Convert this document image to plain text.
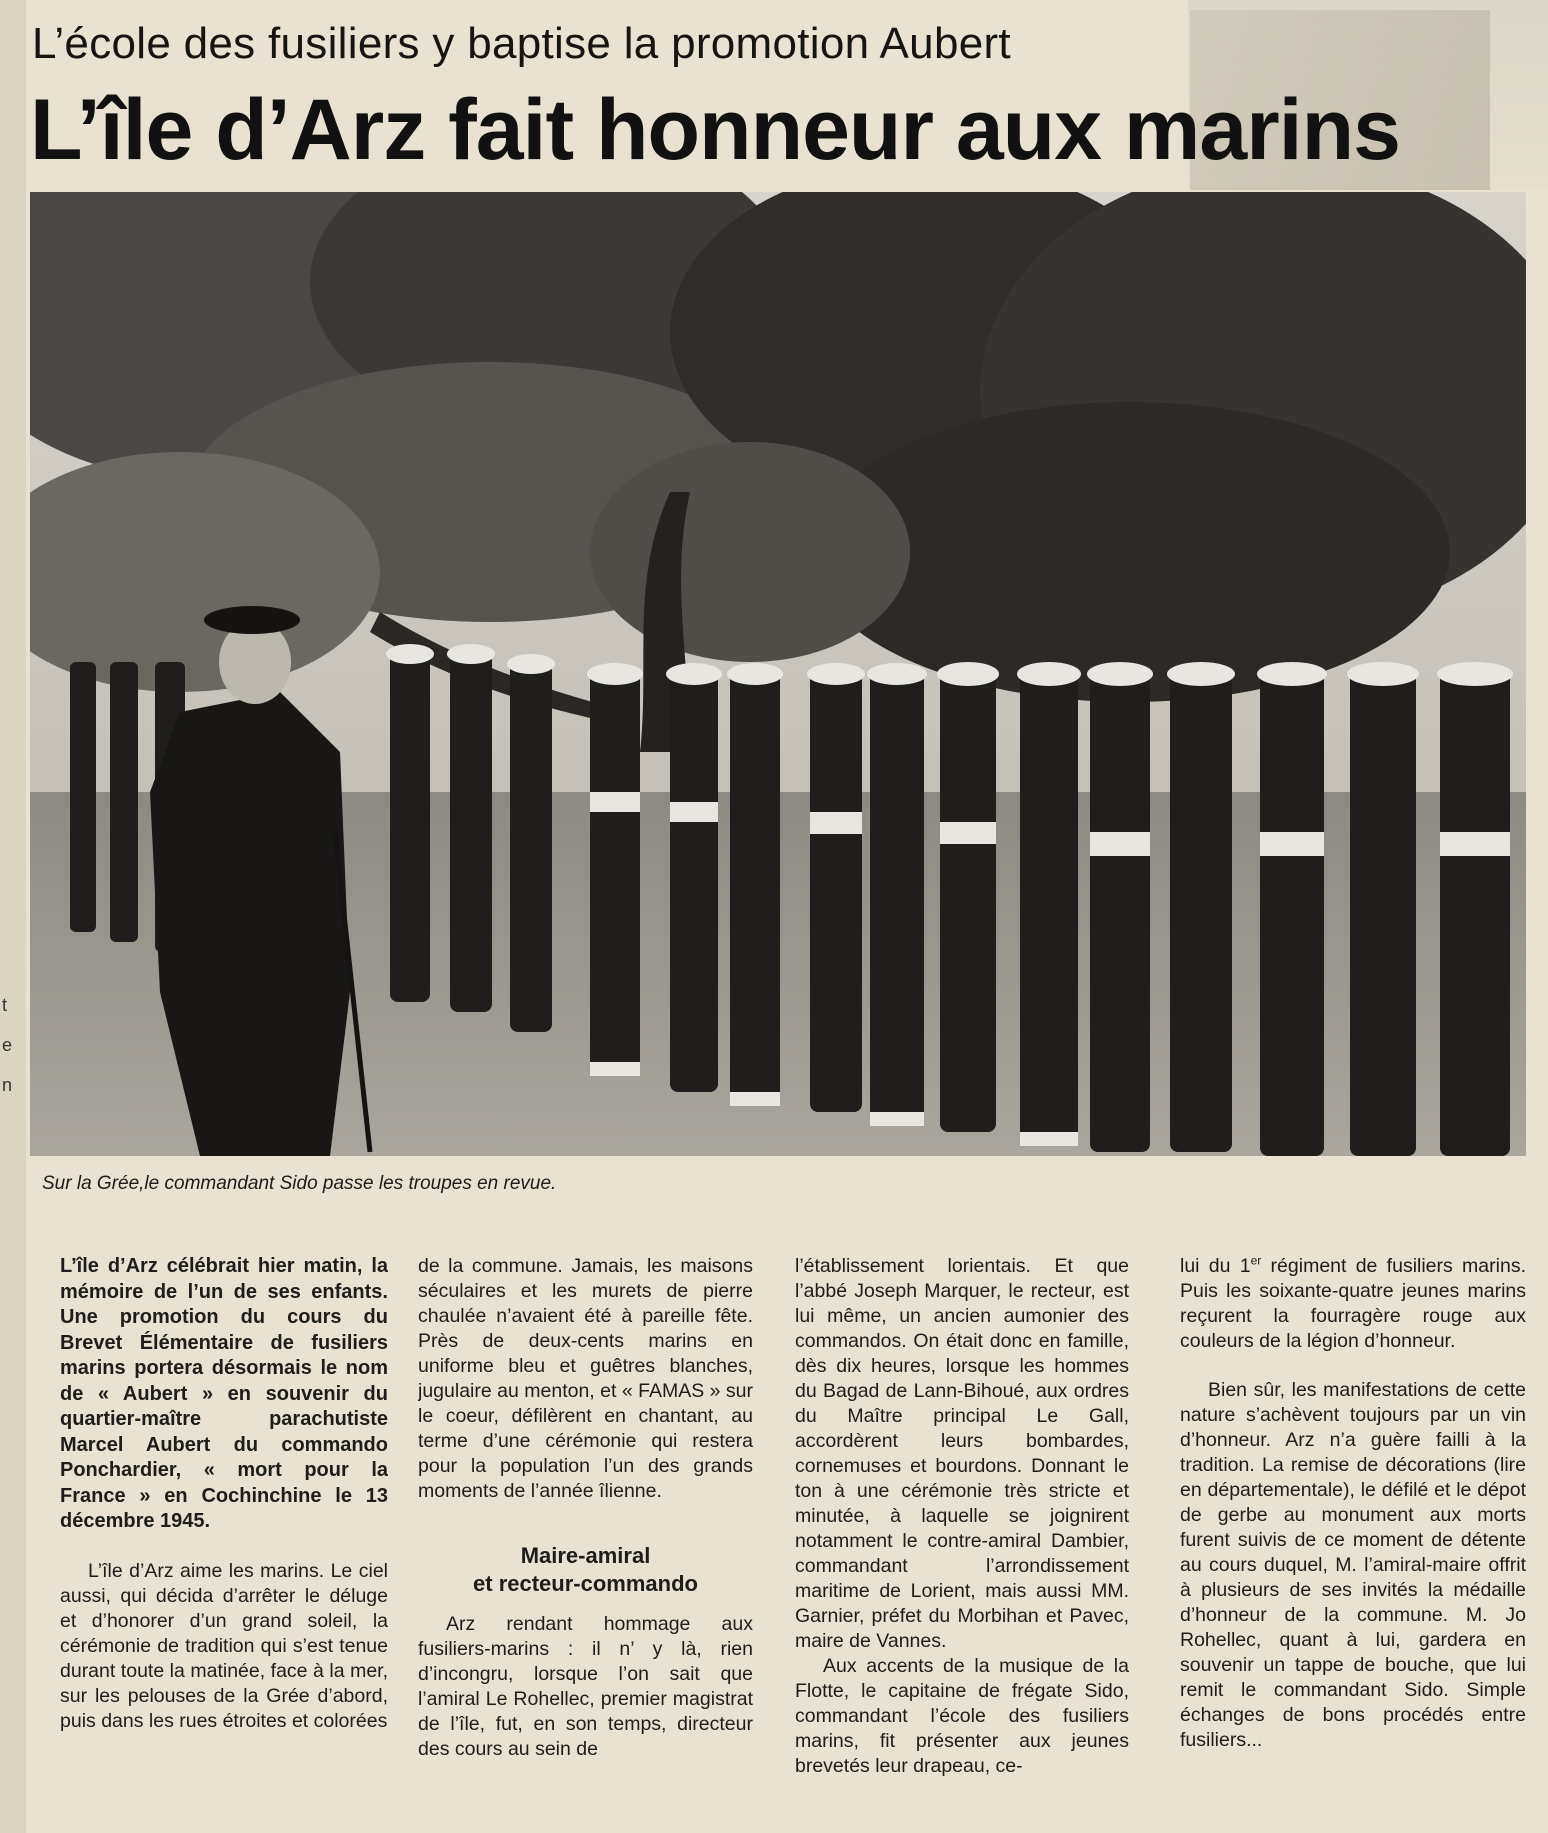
t
e
n
L’école des fusiliers y baptise la promotion Aubert
L’île d’Arz fait honneur aux marins
Sur la Grée,le commandant Sido passe les troupes en revue.

L’île d’Arz célébrait hier matin, la mémoire de l’un de ses enfants. Une promotion du cours du Brevet Élémentaire de fusiliers marins portera désormais le nom de « Aubert » en souvenir du quartier-maître parachutiste Marcel Aubert du commando Ponchardier, « mort pour la France » en Cochinchine le 13 décembre 1945.

L’île d’Arz aime les marins. Le ciel aussi, qui décida d’arrêter le déluge et d’honorer d’un grand soleil, la cérémonie de tradition qui s’est tenue durant toute la matinée, face à la mer, sur les pelouses de la Grée d’abord, puis dans les rues étroites et colorées

de la commune. Jamais, les maisons séculaires et les murets de pierre chaulée n’avaient été à pareille fête. Près de deux-cents marins en uniforme bleu et guêtres blanches, jugulaire au menton, et « FAMAS » sur le coeur, défilèrent en chantant, au terme d’une cérémonie qui restera pour la population l’un des grands moments de l’année îlienne.

Maire-amiral
et recteur-commando

Arz rendant hommage aux fusiliers-marins : il n’ y là, rien d’incongru, lorsque l’on sait que l’amiral Le Rohellec, premier magistrat de l’île, fut, en son temps, directeur des cours au sein de

l’établissement lorientais. Et que l’abbé Joseph Marquer, le recteur, est lui même, un ancien aumonier des commandos. On était donc en famille, dès dix heures, lorsque les hommes du Bagad de Lann-Bihoué, aux ordres du Maître principal Le Gall, accordèrent leurs bombardes, cornemuses et bourdons. Donnant le ton à une cérémonie très stricte et minutée, à laquelle se joignirent notamment le contre-amiral Dambier, commandant l’arrondissement maritime de Lorient, mais aussi MM. Garnier, préfet du Morbihan et Pavec, maire de Vannes.

Aux accents de la musique de la Flotte, le capitaine de frégate Sido, commandant l’école des fusiliers marins, fit présenter aux jeunes brevetés leur drapeau, ce-

lui du 1er régiment de fusiliers marins. Puis les soixante-quatre jeunes marins reçurent la fourragère rouge aux couleurs de la légion d’honneur.

Bien sûr, les manifestations de cette nature s’achèvent toujours par un vin d’honneur. Arz n’a guère failli à la tradition. La remise de décorations (lire en départementale), le défilé et le dépot de gerbe au monument aux morts furent suivis de ce moment de détente au cours duquel, M. l’amiral-maire offrit à plusieurs de ses invités la médaille d’honneur de la commune. M. Jo Rohellec, quant à lui, gardera en souvenir un tappe de bouche, que lui remit le commandant Sido. Simple échanges de bons procédés entre fusiliers...
